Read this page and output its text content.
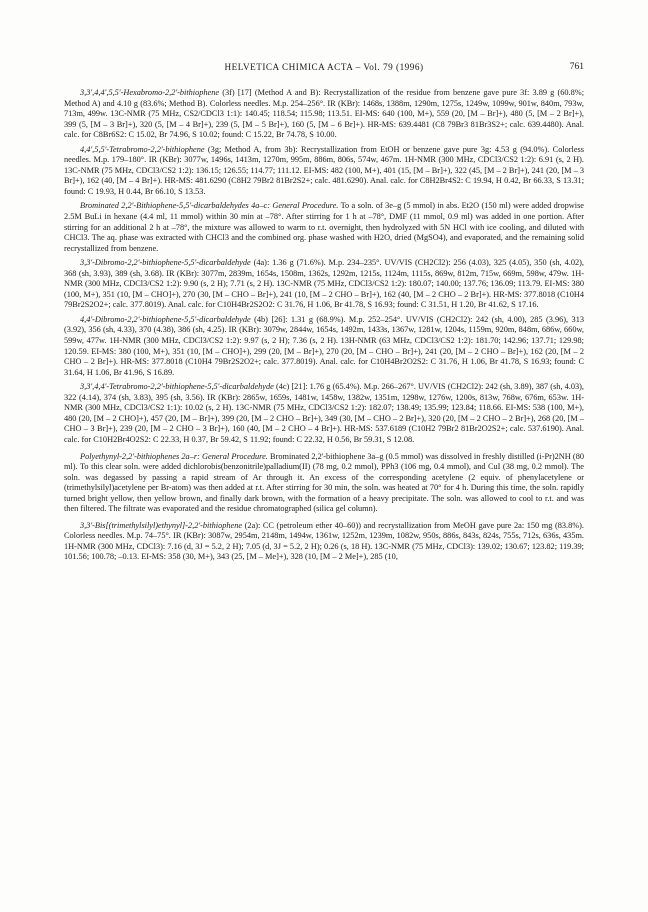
HELVETICA CHIMICA ACTA – Vol. 79 (1996)	761

3,3',4,4',5,5'-Hexabromo-2,2'-bithiophene (3f) [17] (Method A and B): Recrystallization of the residue from benzene gave pure 3f: 3.89 g (60.8%; Method A) and 4.10 g (83.6%; Method B). Colorless needles. M.p. 254–256°. IR (KBr): 1468s, 1388m, 1290m, 1275s, 1249w, 1099w, 901w, 840m, 793w, 713m, 499w. 13C-NMR (75 MHz, CS2/CDCl3 1:1): 140.45; 118.54; 115.98; 113.51. EI-MS: 640 (100, M+), 559 (20, [M – Br]+), 480 (5, [M – 2 Br]+), 399 (5, [M – 3 Br]+), 320 (5, [M – 4 Br]+), 239 (5, [M – 5 Br]+), 160 (5, [M – 6 Br]+). HR-MS: 639.4481 (C8 79Br3 81Br3S2+; calc. 639.4480). Anal. calc. for C8Br6S2: C 15.02, Br 74.96, S 10.02; found: C 15.22, Br 74.78, S 10.00.

4,4',5,5'-Tetrabromo-2,2'-bithiophene (3g; Method A, from 3b): Recrystallization from EtOH or benzene gave pure 3g: 4.53 g (94.0%). Colorless needles. M.p. 179–180°. IR (KBr): 3077w, 1496s, 1413m, 1270m, 995m, 886m, 806s, 574w, 467m. 1H-NMR (300 MHz, CDCl3/CS2 1:2): 6.91 (s, 2 H). 13C-NMR (75 MHz, CDCl3/CS2 1:2): 136.15; 126.55; 114.77; 111.12. EI-MS: 482 (100, M+), 401 (15, [M – Br]+), 322 (45, [M – 2 Br]+), 241 (20, [M – 3 Br]+), 162 (40, [M – 4 Br]+). HR-MS: 481.6290 (C8H2 79Br2 81Br2S2+; calc. 481.6290). Anal. calc. for C8H2Br4S2: C 19.94, H 0.42, Br 66.33, S 13.31; found: C 19.93, H 0.44, Br 66.10, S 13.53.

Brominated 2,2'-Bithiophene-5,5'-dicarbaldehydes 4a–c: General Procedure. To a soln. of 3e–g (5 mmol) in abs. Et2O (150 ml) were added dropwise 2.5M BuLi in hexane (4.4 ml, 11 mmol) within 30 min at –78°. After stirring for 1 h at –78°, DMF (11 mmol, 0.9 ml) was added in one portion. After stirring for an additional 2 h at –78°, the mixture was allowed to warm to r.t. overnight, then hydrolyzed with 5N HCl with ice cooling, and diluted with CHCl3. The aq. phase was extracted with CHCl3 and the combined org. phase washed with H2O, dried (MgSO4), and evaporated, and the remaining solid recrystallized from benzene.

3,3'-Dibromo-2,2'-bithiophene-5,5'-dicarbaldehyde (4a): 1.36 g (71.6%). M.p. 234–235°. UV/VIS (CH2Cl2): 256 (4.03), 325 (4.05), 350 (sh, 4.02), 368 (sh, 3.93), 389 (sh, 3.68). IR (KBr): 3077m, 2839m, 1654s, 1508m, 1362s, 1292m, 1215s, 1124m, 1115s, 869w, 812m, 715w, 669m, 598w, 479w. 1H-NMR (300 MHz, CDCl3/CS2 1:2): 9.90 (s, 2 H); 7.71 (s, 2 H). 13C-NMR (75 MHz, CDCl3/CS2 1:2): 180.07; 140.00; 137.76; 136.09; 113.79. EI-MS: 380 (100, M+), 351 (10, [M – CHO]+), 270 (30, [M – CHO – Br]+), 241 (10, [M – 2 CHO – Br]+), 162 (40, [M – 2 CHO – 2 Br]+). HR-MS: 377.8018 (C10H4 79Br2S2O2+; calc. 377.8019). Anal. calc. for C10H4Br2S2O2: C 31.76, H 1.06, Br 41.78, S 16.93; found: C 31.51, H 1.20, Br 41.62, S 17.16.

4,4'-Dibromo-2,2'-bithiophene-5,5'-dicarbaldehyde (4b) [26]: 1.31 g (68.9%). M.p. 252–254°. UV/VIS (CH2Cl2): 242 (sh, 4.00), 285 (3.96), 313 (3.92), 356 (sh, 4.33), 370 (4.38), 386 (sh, 4.25). IR (KBr): 3079w, 2844w, 1654s, 1492m, 1433s, 1367w, 1281w, 1204s, 1159m, 920m, 848m, 686w, 660w, 599w, 477w. 1H-NMR (300 MHz, CDCl3/CS2 1:2): 9.97 (s, 2 H); 7.36 (s, 2 H). 13H-NMR (63 MHz, CDCl3/CS2 1:2): 181.70; 142.96; 137.71; 129.98; 120.59. EI-MS: 380 (100, M+), 351 (10, [M – CHO]+), 299 (20, [M – Br]+), 270 (20, [M – CHO – Br]+), 241 (20, [M – 2 CHO – Br]+), 162 (20, [M – 2 CHO – 2 Br]+). HR-MS: 377.8018 (C10H4 79Br2S2O2+; calc. 377.8019). Anal. calc. for C10H4Br2O2S2: C 31.76, H 1.06, Br 41.78, S 16.93; found: C 31.64, H 1.06, Br 41.96, S 16.89.

3,3',4,4'-Tetrabromo-2,2'-bithiophene-5,5'-dicarbaldehyde (4c) [21]: 1.76 g (65.4%). M.p. 266–267°. UV/VIS (CH2Cl2): 242 (sh, 3.89), 387 (sh, 4.03), 322 (4.14), 374 (sh, 3.83), 395 (sh, 3.56). IR (KBr): 2865w, 1659s, 1481w, 1458w, 1382w, 1351m, 1298w, 1276w, 1200s, 813w, 768w, 676m, 653w. 1H-NMR (300 MHz, CDCl3/CS2 1:1): 10.02 (s, 2 H). 13C-NMR (75 MHz, CDCl3/CS2 1:2): 182.07; 138.49; 135.99; 123.84; 118.66. EI-MS: 538 (100, M+), 480 (20, [M – 2 CHO]+), 457 (20, [M – Br]+), 399 (20, [M – 2 CHO – Br]+), 349 (30, [M – CHO – 2 Br]+), 320 (20, [M – 2 CHO – 2 Br]+), 268 (20, [M – CHO – 3 Br]+), 239 (20, [M – 2 CHO – 3 Br]+), 160 (40, [M – 2 CHO – 4 Br]+). HR-MS: 537.6189 (C10H2 79Br2 81Br2O2S2+; calc. 537.6190). Anal. calc. for C10H2Br4O2S2: C 22.33, H 0.37, Br 59.42, S 11.92; found: C 22.32, H 0.56, Br 59.31, S 12.08.

Polyethynyl-2,2'-bithiophenes 2a–r: General Procedure. Brominated 2,2'-bithiophene 3a–g (0.5 mmol) was dissolved in freshly distilled (i-Pr)2NH (80 ml). To this clear soln. were added dichlorobis(benzonitrile)palladium(II) (78 mg, 0.2 mmol), PPh3 (106 mg, 0.4 mmol), and CuI (38 mg, 0.2 mmol). The soln. was degassed by passing a rapid stream of Ar through it. An excess of the corresponding acetylene (2 equiv. of phenylacetylene or (trimethylsilyl)acetylene per Br-atom) was then added at r.t. After stirring for 30 min, the soln. was heated at 70° for 4 h. During this time, the soln. rapidly turned bright yellow, then yellow brown, and finally dark brown, with the formation of a heavy precipitate. The soln. was allowed to cool to r.t. and was then filtered. The filtrate was evaporated and the residue chromatographed (silica gel column).

3,3'-Bis[(trimethylsilyl)ethynyl]-2,2'-bithiophene (2a): CC (petroleum ether 40–60)) and recrystallization from MeOH gave pure 2a: 150 mg (83.8%). Colorless needles. M.p. 74–75°. IR (KBr): 3087w, 2954m, 2148m, 1494w, 1361w, 1252m, 1239m, 1082w, 950s, 886s, 843s, 824s, 755s, 712s, 636s, 435m. 1H-NMR (300 MHz, CDCl3): 7.16 (d, 3J = 5.2, 2 H); 7.05 (d, 3J = 5.2, 2 H); 0.26 (s, 18 H). 13C-NMR (75 MHz, CDCl3): 139.02; 130.67; 123.82; 119.39; 101.56; 100.78; –0.13. EI-MS: 358 (30, M+), 343 (25, [M – Me]+), 328 (10, [M – 2 Me]+), 285 (10,
